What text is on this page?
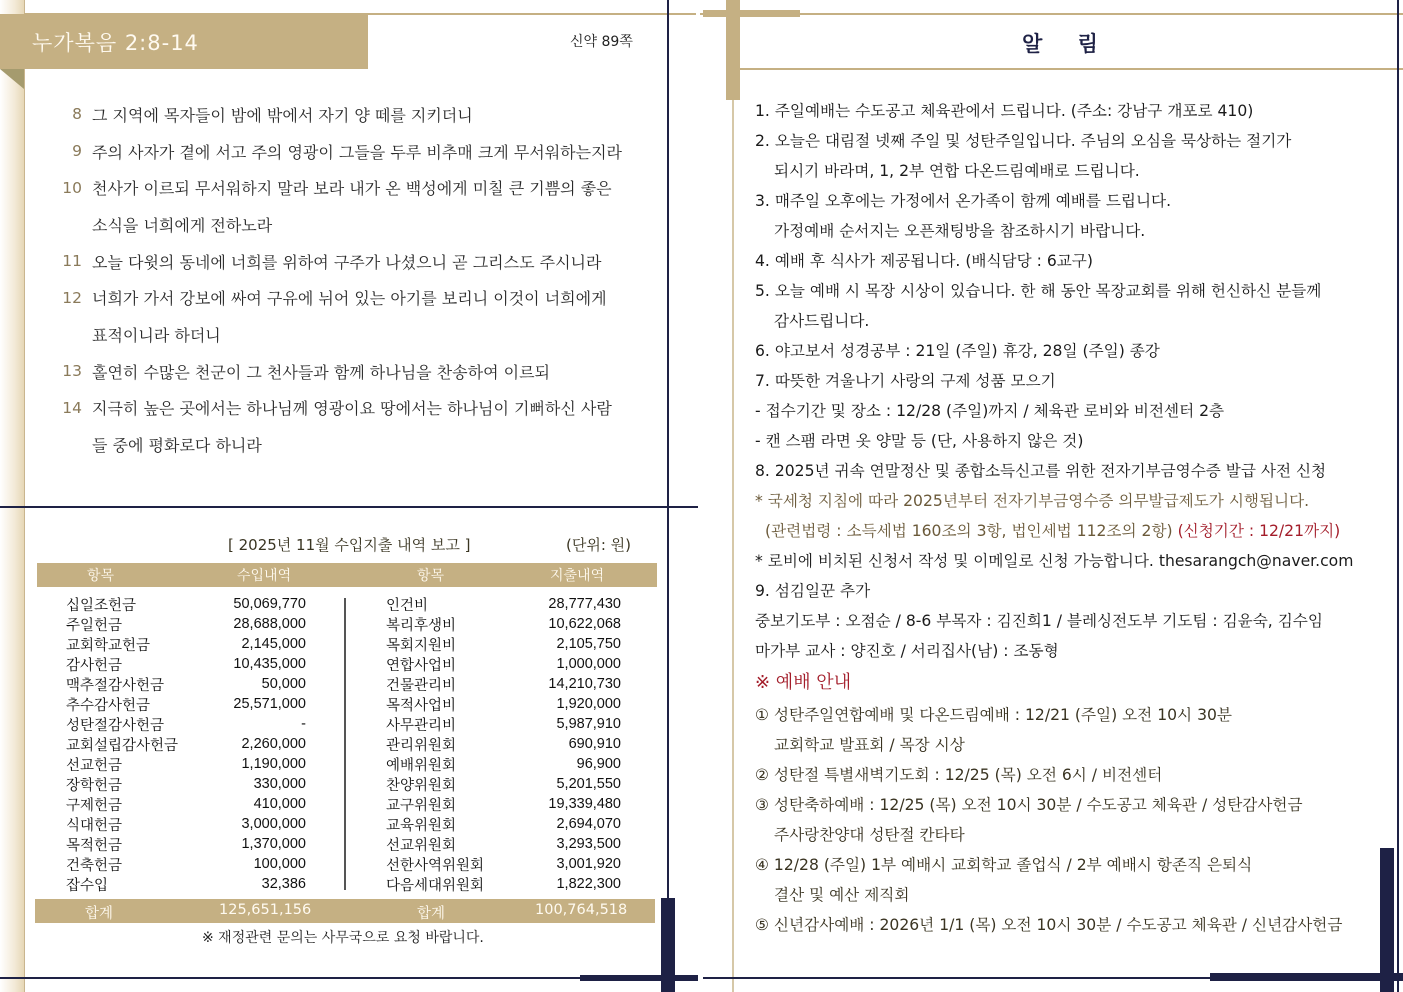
누가복음 2:8-14	신약 89쪽
8 그 지역에 목자들이 밤에 밖에서 자기 양 떼를 지키더니
9 주의 사자가 곁에 서고 주의 영광이 그들을 두루 비추매 크게 무서워하는지라
10 천사가 이르되 무서워하지 말라 보라 내가 온 백성에게 미칠 큰 기쁨의 좋은
소식을 너희에게 전하노라
11 오늘 다윗의 동네에 너희를 위하여 구주가 나셨으니 곧 그리스도 주시니라
12 너희가 가서 강보에 싸여 구유에 뉘어 있는 아기를 보리니 이것이 너희에게
표적이니라 하더니
13 홀연히 수많은 천군이 그 천사들과 함께 하나님을 찬송하여 이르되
14 지극히 높은 곳에서는 하나님께 영광이요 땅에서는 하나님이 기뻐하신 사람
들 중에 평화로다 하니라
[ 2025년 11월 수입지출 내역 보고 ]	(단위: 원)
항목	수입내역	항목	지출내역
십일조헌금	50,069,770	인건비	28,777,430
주일헌금	28,688,000	복리후생비	10,622,068
교회학교헌금	2,145,000	목회지원비	2,105,750
감사헌금	10,435,000	연합사업비	1,000,000
맥추절감사헌금	50,000	건물관리비	14,210,730
추수감사헌금	25,571,000	목적사업비	1,920,000
성탄절감사헌금	-	사무관리비	5,987,910
교회설립감사헌금	2,260,000	관리위원회	690,910
선교헌금	1,190,000	예배위원회	96,900
장학헌금	330,000	찬양위원회	5,201,550
구제헌금	410,000	교구위원회	19,339,480
식대헌금	3,000,000	교육위원회	2,694,070
목적헌금	1,370,000	선교위원회	3,293,500
건축헌금	100,000	선한사역위원회	3,001,920
잡수입	32,386	다음세대위원회	1,822,300
합계	125,651,156	합계	100,764,518
※ 재정관련 문의는 사무국으로 요청 바랍니다.
알 림
1. 주일예배는 수도공고 체육관에서 드립니다. (주소: 강남구 개포로 410)
2. 오늘은 대림절 넷째 주일 및 성탄주일입니다. 주님의 오심을 묵상하는 절기가
되시기 바라며, 1, 2부 연합 다온드림예배로 드립니다.
3. 매주일 오후에는 가정에서 온가족이 함께 예배를 드립니다.
가정예배 순서지는 오픈채팅방을 참조하시기 바랍니다.
4. 예배 후 식사가 제공됩니다. (배식담당 : 6교구)
5. 오늘 예배 시 목장 시상이 있습니다. 한 해 동안 목장교회를 위해 헌신하신 분들께
감사드립니다.
6. 야고보서 성경공부 : 21일 (주일) 휴강, 28일 (주일) 종강
7. 따뜻한 겨울나기 사랑의 구제 성품 모으기
- 접수기간 및 장소 : 12/28 (주일)까지 / 체육관 로비와 비전센터 2층
- 캔 스팸 라면 옷 양말 등 (단, 사용하지 않은 것)
8. 2025년 귀속 연말정산 및 종합소득신고를 위한 전자기부금영수증 발급 사전 신청
* 국세청 지침에 따라 2025년부터 전자기부금영수증 의무발급제도가 시행됩니다.
(관련법령 : 소득세법 160조의 3항, 법인세법 112조의 2항) (신청기간 : 12/21까지)
* 로비에 비치된 신청서 작성 및 이메일로 신청 가능합니다. thesarangch@naver.com
9. 섬김일꾼 추가
중보기도부 : 오점순 / 8-6 부목자 : 김진희1 / 블레싱전도부 기도팀 : 김윤숙, 김수임
마가부 교사 : 양진호 / 서리집사(남) : 조동형
※ 예배 안내
① 성탄주일연합예배 및 다온드림예배 : 12/21 (주일) 오전 10시 30분
교회학교 발표회 / 목장 시상
② 성탄절 특별새벽기도회 : 12/25 (목) 오전 6시 / 비전센터
③ 성탄축하예배 : 12/25 (목) 오전 10시 30분 / 수도공고 체육관 / 성탄감사헌금
주사랑찬양대 성탄절 칸타타
④ 12/28 (주일) 1부 예배시 교회학교 졸업식 / 2부 예배시 항존직 은퇴식
결산 및 예산 제직회
⑤ 신년감사예배 : 2026년 1/1 (목) 오전 10시 30분 / 수도공고 체육관 / 신년감사헌금
